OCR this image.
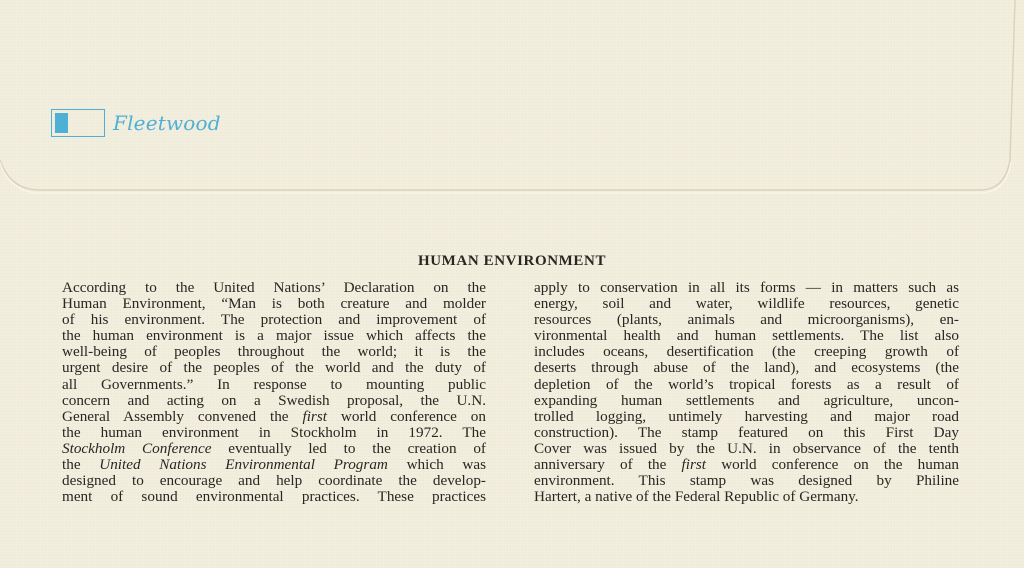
Fleetwood
HUMAN ENVIRONMENT
According to the United Nations’ Declaration on the
Human Environment, “Man is both creature and molder
of his environment. The protection and improvement of
the human environment is a major issue which affects the
well-being of peoples throughout the world; it is the
urgent desire of the peoples of the world and the duty of
all Governments.” In response to mounting public
concern and acting on a Swedish proposal, the U.N.
General Assembly convened the first world conference on
the human environment in Stockholm in 1972. The
Stockholm Conference eventually led to the creation of
the United Nations Environmental Program which was
designed to encourage and help coordinate the develop-
ment of sound environmental practices. These practices
apply to conservation in all its forms — in matters such as
energy, soil and water, wildlife resources, genetic
resources (plants, animals and microorganisms), en-
vironmental health and human settlements. The list also
includes oceans, desertification (the creeping growth of
deserts through abuse of the land), and ecosystems (the
depletion of the world’s tropical forests as a result of
expanding human settlements and agriculture, uncon-
trolled logging, untimely harvesting and major road
construction). The stamp featured on this First Day
Cover was issued by the U.N. in observance of the tenth
anniversary of the first world conference on the human
environment. This stamp was designed by Philine
Hartert, a native of the Federal Republic of Germany.
